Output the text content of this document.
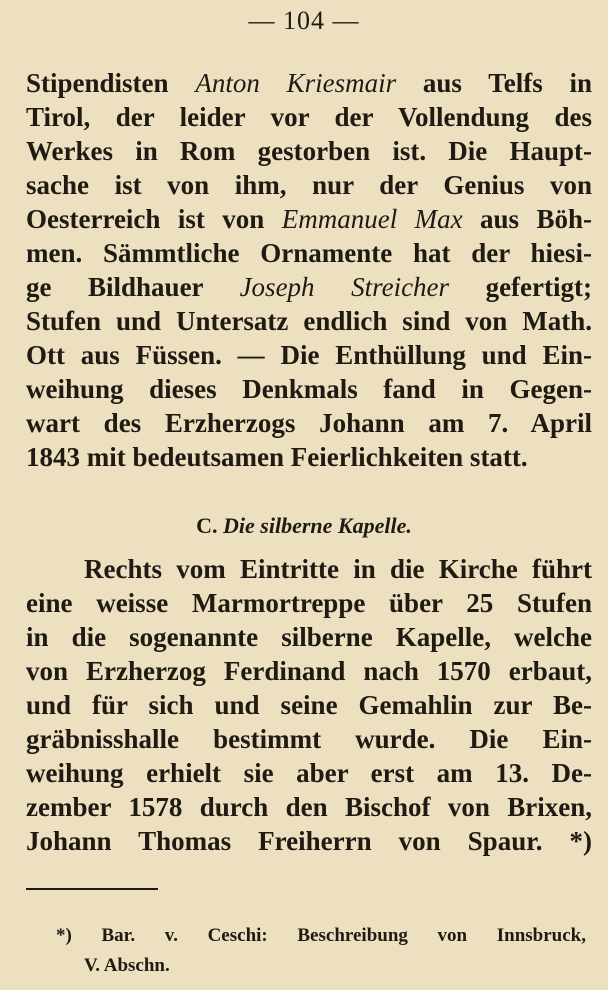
— 104 —
Stipendisten Anton Kriesmair aus Telfs in
Tirol, der leider vor der Vollendung des
Werkes in Rom gestorben ist. Die Haupt-
sache ist von ihm, nur der Genius von
Oesterreich ist von Emmanuel Max aus Böh-
men. Sämmtliche Ornamente hat der hiesi-
ge Bildhauer Joseph Streicher gefertigt;
Stufen und Untersatz endlich sind von Math.
Ott aus Füssen. — Die Enthüllung und Ein-
weihung dieses Denkmals fand in Gegen-
wart des Erzherzogs Johann am 7. April
1843 mit bedeutsamen Feierlichkeiten statt.
C. Die silberne Kapelle.
Rechts vom Eintritte in die Kirche führt
eine weisse Marmortreppe über 25 Stufen
in die sogenannte silberne Kapelle, welche
von Erzherzog Ferdinand nach 1570 erbaut,
und für sich und seine Gemahlin zur Be-
gräbnisshalle bestimmt wurde. Die Ein-
weihung erhielt sie aber erst am 13. De-
zember 1578 durch den Bischof von Brixen,
Johann Thomas Freiherrn von Spaur. *)
*) Bar. v. Ceschi: Beschreibung von Innsbruck,
V. Abschn.
